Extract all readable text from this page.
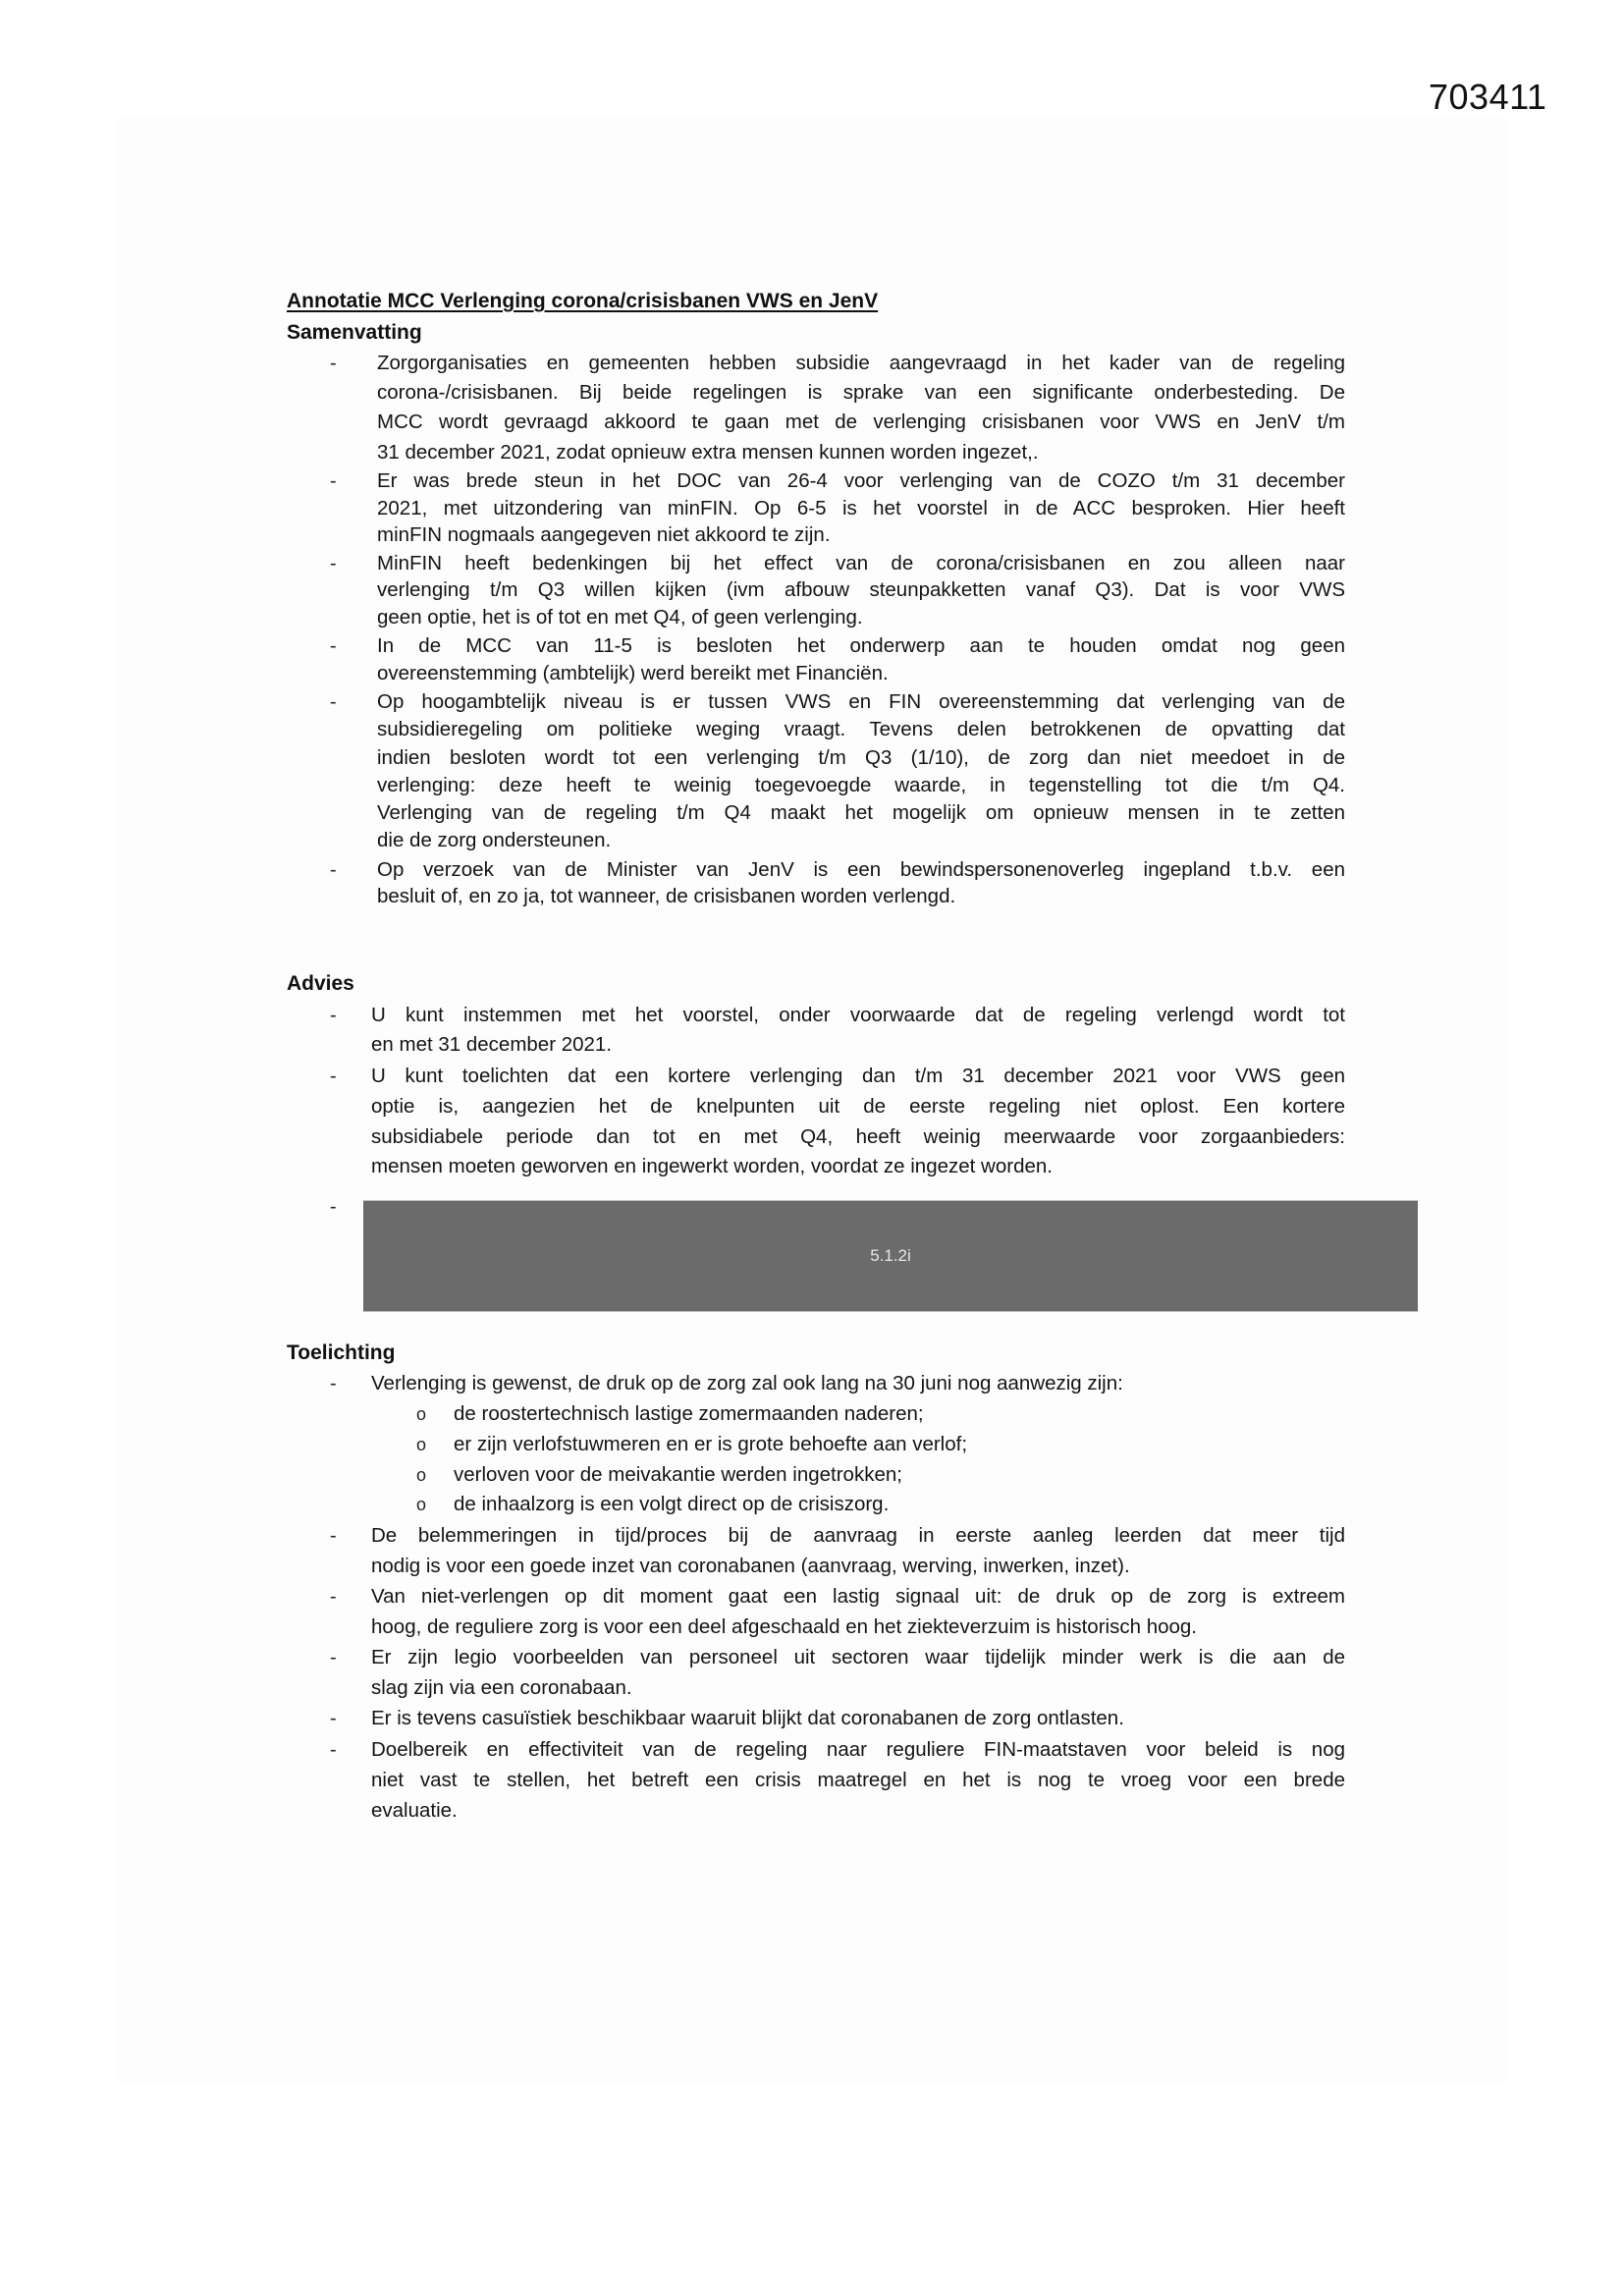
703411
Annotatie MCC Verlenging corona/crisisbanen VWS en JenV
Samenvatting
- Zorgorganisaties en gemeenten hebben subsidie aangevraagd in het kader van de regeling
corona-/crisisbanen. Bij beide regelingen is sprake van een significante onderbesteding. De
MCC wordt gevraagd akkoord te gaan met de verlenging crisisbanen voor VWS en JenV t/m
31 december 2021, zodat opnieuw extra mensen kunnen worden ingezet,.
- Er was brede steun in het DOC van 26-4 voor verlenging van de COZO t/m 31 december
2021, met uitzondering van minFIN. Op 6-5 is het voorstel in de ACC besproken. Hier heeft
minFIN nogmaals aangegeven niet akkoord te zijn.
- MinFIN heeft bedenkingen bij het effect van de corona/crisisbanen en zou alleen naar
verlenging t/m Q3 willen kijken (ivm afbouw steunpakketten vanaf Q3). Dat is voor VWS
geen optie, het is of tot en met Q4, of geen verlenging.
- In de MCC van 11-5 is besloten het onderwerp aan te houden omdat nog geen
overeenstemming (ambtelijk) werd bereikt met Financiën.
- Op hoogambtelijk niveau is er tussen VWS en FIN overeenstemming dat verlenging van de
subsidieregeling om politieke weging vraagt. Tevens delen betrokkenen de opvatting dat
indien besloten wordt tot een verlenging t/m Q3 (1/10), de zorg dan niet meedoet in de
verlenging: deze heeft te weinig toegevoegde waarde, in tegenstelling tot die t/m Q4.
Verlenging van de regeling t/m Q4 maakt het mogelijk om opnieuw mensen in te zetten
die de zorg ondersteunen.
- Op verzoek van de Minister van JenV is een bewindspersonenoverleg ingepland t.b.v. een
besluit of, en zo ja, tot wanneer, de crisisbanen worden verlengd.
Advies
- U kunt instemmen met het voorstel, onder voorwaarde dat de regeling verlengd wordt tot
en met 31 december 2021.
- U kunt toelichten dat een kortere verlenging dan t/m 31 december 2021 voor VWS geen
optie is, aangezien het de knelpunten uit de eerste regeling niet oplost. Een kortere
subsidiabele periode dan tot en met Q4, heeft weinig meerwaarde voor zorgaanbieders:
mensen moeten geworven en ingewerkt worden, voordat ze ingezet worden.
-
5.1.2i
Toelichting
- Verlenging is gewenst, de druk op de zorg zal ook lang na 30 juni nog aanwezig zijn:
o de roostertechnisch lastige zomermaanden naderen;
o er zijn verlofstuwmeren en er is grote behoefte aan verlof;
o verloven voor de meivakantie werden ingetrokken;
o de inhaalzorg is een volgt direct op de crisiszorg.
- De belemmeringen in tijd/proces bij de aanvraag in eerste aanleg leerden dat meer tijd
nodig is voor een goede inzet van coronabanen (aanvraag, werving, inwerken, inzet).
- Van niet-verlengen op dit moment gaat een lastig signaal uit: de druk op de zorg is extreem
hoog, de reguliere zorg is voor een deel afgeschaald en het ziekteverzuim is historisch hoog.
- Er zijn legio voorbeelden van personeel uit sectoren waar tijdelijk minder werk is die aan de
slag zijn via een coronabaan.
- Er is tevens casuïstiek beschikbaar waaruit blijkt dat coronabanen de zorg ontlasten.
- Doelbereik en effectiviteit van de regeling naar reguliere FIN-maatstaven voor beleid is nog
niet vast te stellen, het betreft een crisis maatregel en het is nog te vroeg voor een brede
evaluatie.
